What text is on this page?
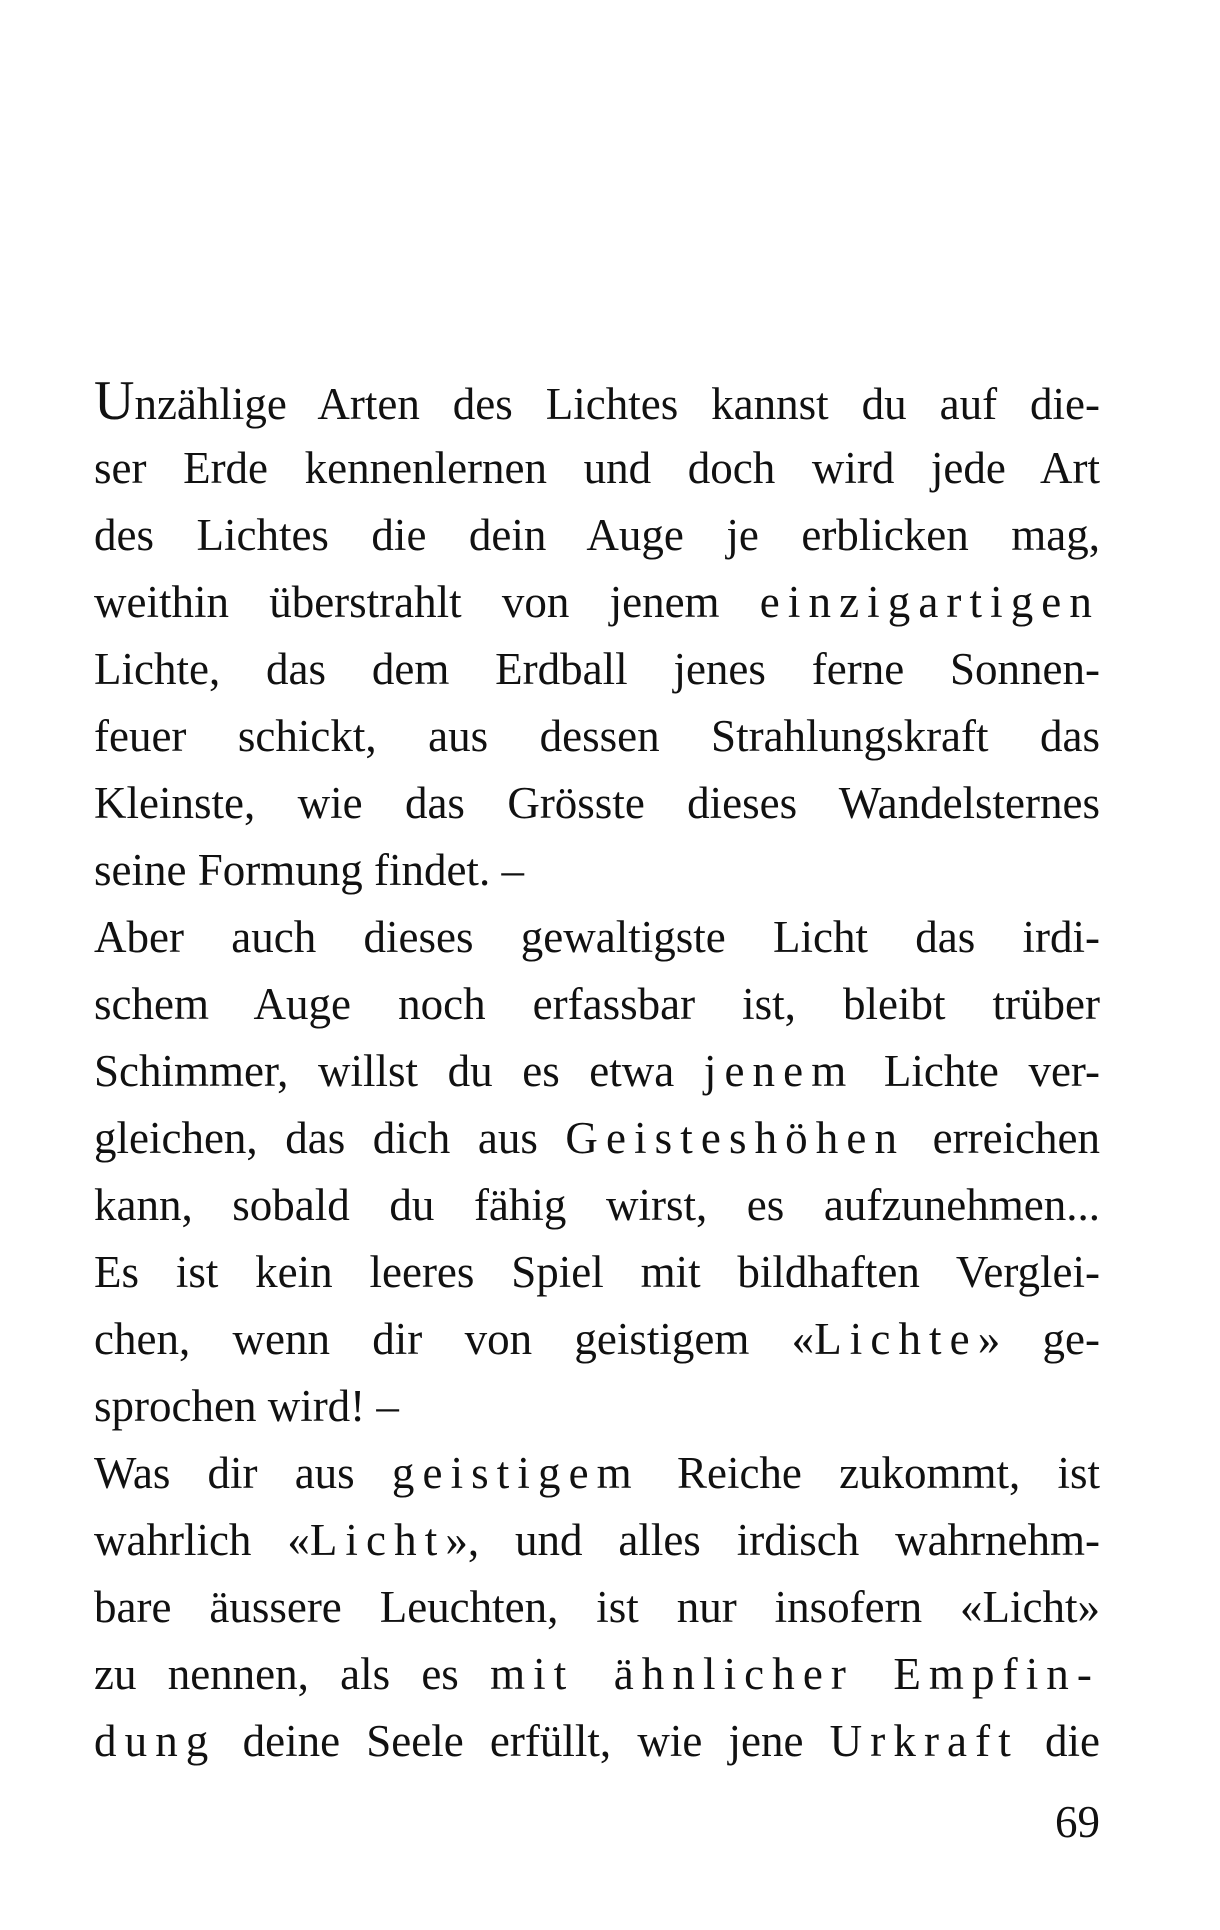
Unzählige Arten des Lichtes kannst du auf die-
ser Erde kennenlernen und doch wird jede Art
des Lichtes die dein Auge je erblicken mag,
weithin überstrahlt von jenem einzigartigen
Lichte, das dem Erdball jenes ferne Sonnen-
feuer schickt, aus dessen Strahlungskraft das
Kleinste, wie das Grösste dieses Wandelsternes
seine Formung findet. –
Aber auch dieses gewaltigste Licht das irdi-
schem Auge noch erfassbar ist, bleibt trüber
Schimmer, willst du es etwa jenem Lichte ver-
gleichen, das dich aus Geisteshöhen erreichen
kann, sobald du fähig wirst, es aufzunehmen...
Es ist kein leeres Spiel mit bildhaften Verglei-
chen, wenn dir von geistigem «Lichte» ge-
sprochen wird! –
Was dir aus geistigem Reiche zukommt, ist
wahrlich «Licht», und alles irdisch wahrnehm-
bare äussere Leuchten, ist nur insofern «Licht»
zu nennen, als es mit ähnlicher Empfin-
dung deine Seele erfüllt, wie jene Urkraft die
69
